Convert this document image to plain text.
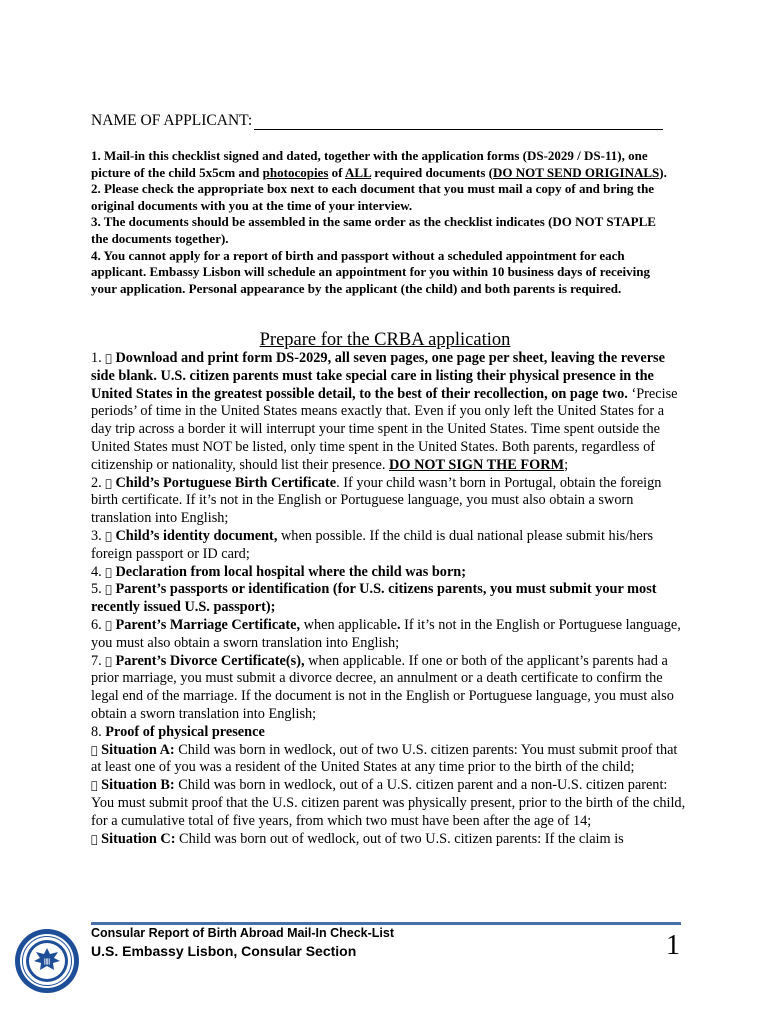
NAME OF APPLICANT:

1. Mail-in this checklist signed and dated, together with the application forms (DS-2029 / DS-11), one picture of the child 5x5cm and photocopies of ALL required documents (DO NOT SEND ORIGINALS).

2. Please check the appropriate box next to each document that you must mail a copy of and bring the original documents with you at the time of your interview.

3. The documents should be assembled in the same order as the checklist indicates (DO NOT STAPLE the documents together).

4. You cannot apply for a report of birth and passport without a scheduled appointment for each applicant. Embassy Lisbon will schedule an appointment for you within 10 business days of receiving your application. Personal appearance by the applicant (the child) and both parents is required.

Prepare for the CRBA application

1. Download and print form DS-2029, all seven pages, one page per sheet, leaving the reverse side blank. U.S. citizen parents must take special care in listing their physical presence in the United States in the greatest possible detail, to the best of their recollection, on page two. ‘Precise periods’ of time in the United States means exactly that. Even if you only left the United States for a day trip across a border it will interrupt your time spent in the United States. Time spent outside the United States must NOT be listed, only time spent in the United States. Both parents, regardless of citizenship or nationality, should list their presence. DO NOT SIGN THE FORM;

2. Child’s Portuguese Birth Certificate. If your child wasn’t born in Portugal, obtain the foreign birth certificate. If it’s not in the English or Portuguese language, you must also obtain a sworn translation into English;

3. Child’s identity document, when possible. If the child is dual national please submit his/hers foreign passport or ID card;

4. Declaration from local hospital where the child was born;

5. Parent’s passports or identification (for U.S. citizens parents, you must submit your most recently issued U.S. passport);

6. Parent’s Marriage Certificate, when applicable. If it’s not in the English or Portuguese language, you must also obtain a sworn translation into English;

7. Parent’s Divorce Certificate(s), when applicable. If one or both of the applicant’s parents had a prior marriage, you must submit a divorce decree, an annulment or a death certificate to confirm the legal end of the marriage. If the document is not in the English or Portuguese language, you must also obtain a sworn translation into English;

8. Proof of physical presence

Situation A: Child was born in wedlock, out of two U.S. citizen parents: You must submit proof that at least one of you was a resident of the United States at any time prior to the birth of the child;

Situation B: Child was born in wedlock, out of a U.S. citizen parent and a non-U.S. citizen parent: You must submit proof that the U.S. citizen parent was physically present, prior to the birth of the child, for a cumulative total of five years, from which two must have been after the age of 14;

Situation C: Child was born out of wedlock, out of two U.S. citizen parents: If the claim is

Consular Report of Birth Abroad Mail-In Check-List
U.S. Embassy Lisbon, Consular Section	1
